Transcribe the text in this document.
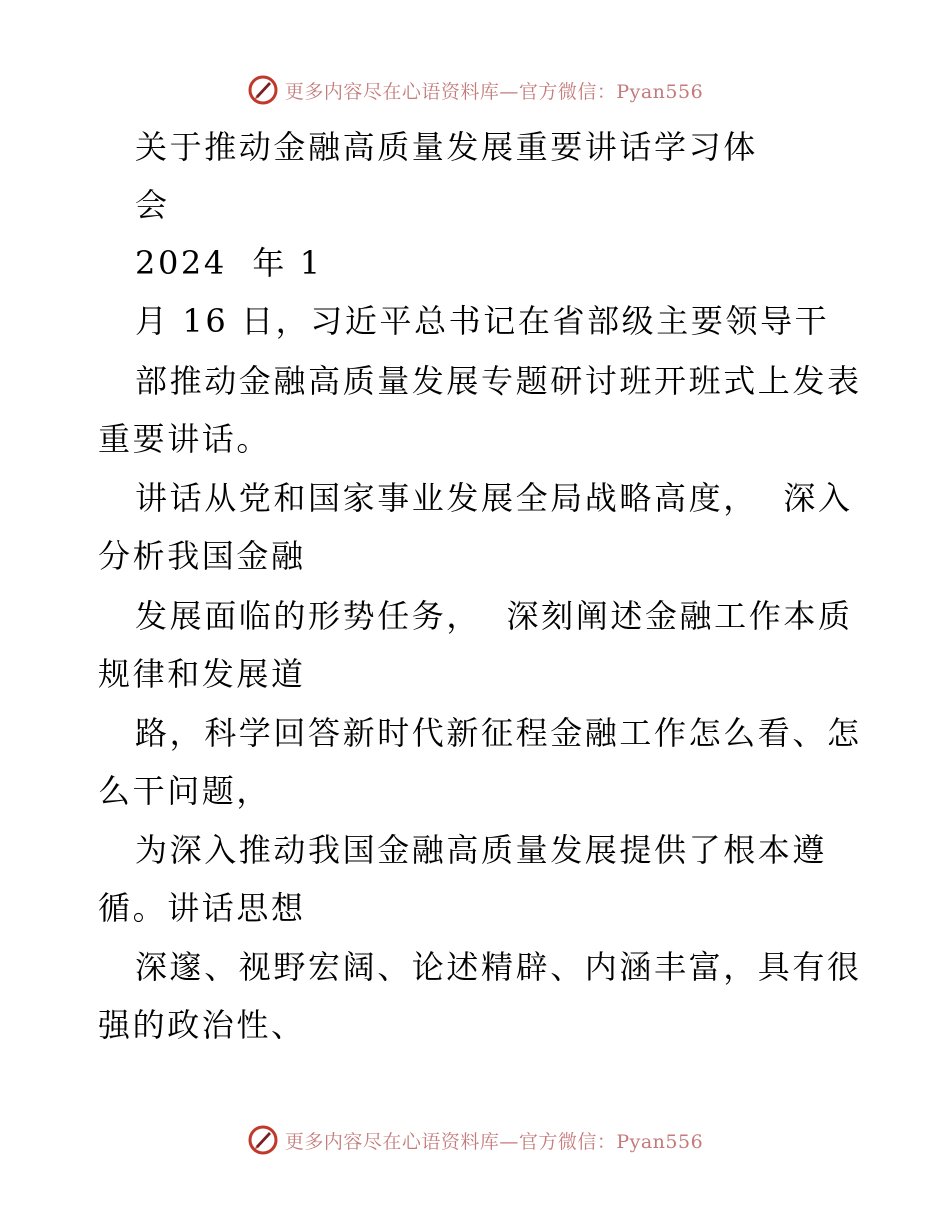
更多内容尽在心语资料库—官方微信：Pyan556
关于推动金融高质量发展重要讲话学习体
会
2024  年 1
月 16 日，习近平总书记在省部级主要领导干
部推动金融高质量发展专题研讨班开班式上发表
重要讲话。
讲话从党和国家事业发展全局战略高度，  深入
分析我国金融
发展面临的形势任务，  深刻阐述金融工作本质
规律和发展道
路，科学回答新时代新征程金融工作怎么看、怎
么干问题，
为深入推动我国金融高质量发展提供了根本遵
循。讲话思想
深邃、视野宏阔、论述精辟、内涵丰富，具有很
强的政治性、
更多内容尽在心语资料库—官方微信：Pyan556
